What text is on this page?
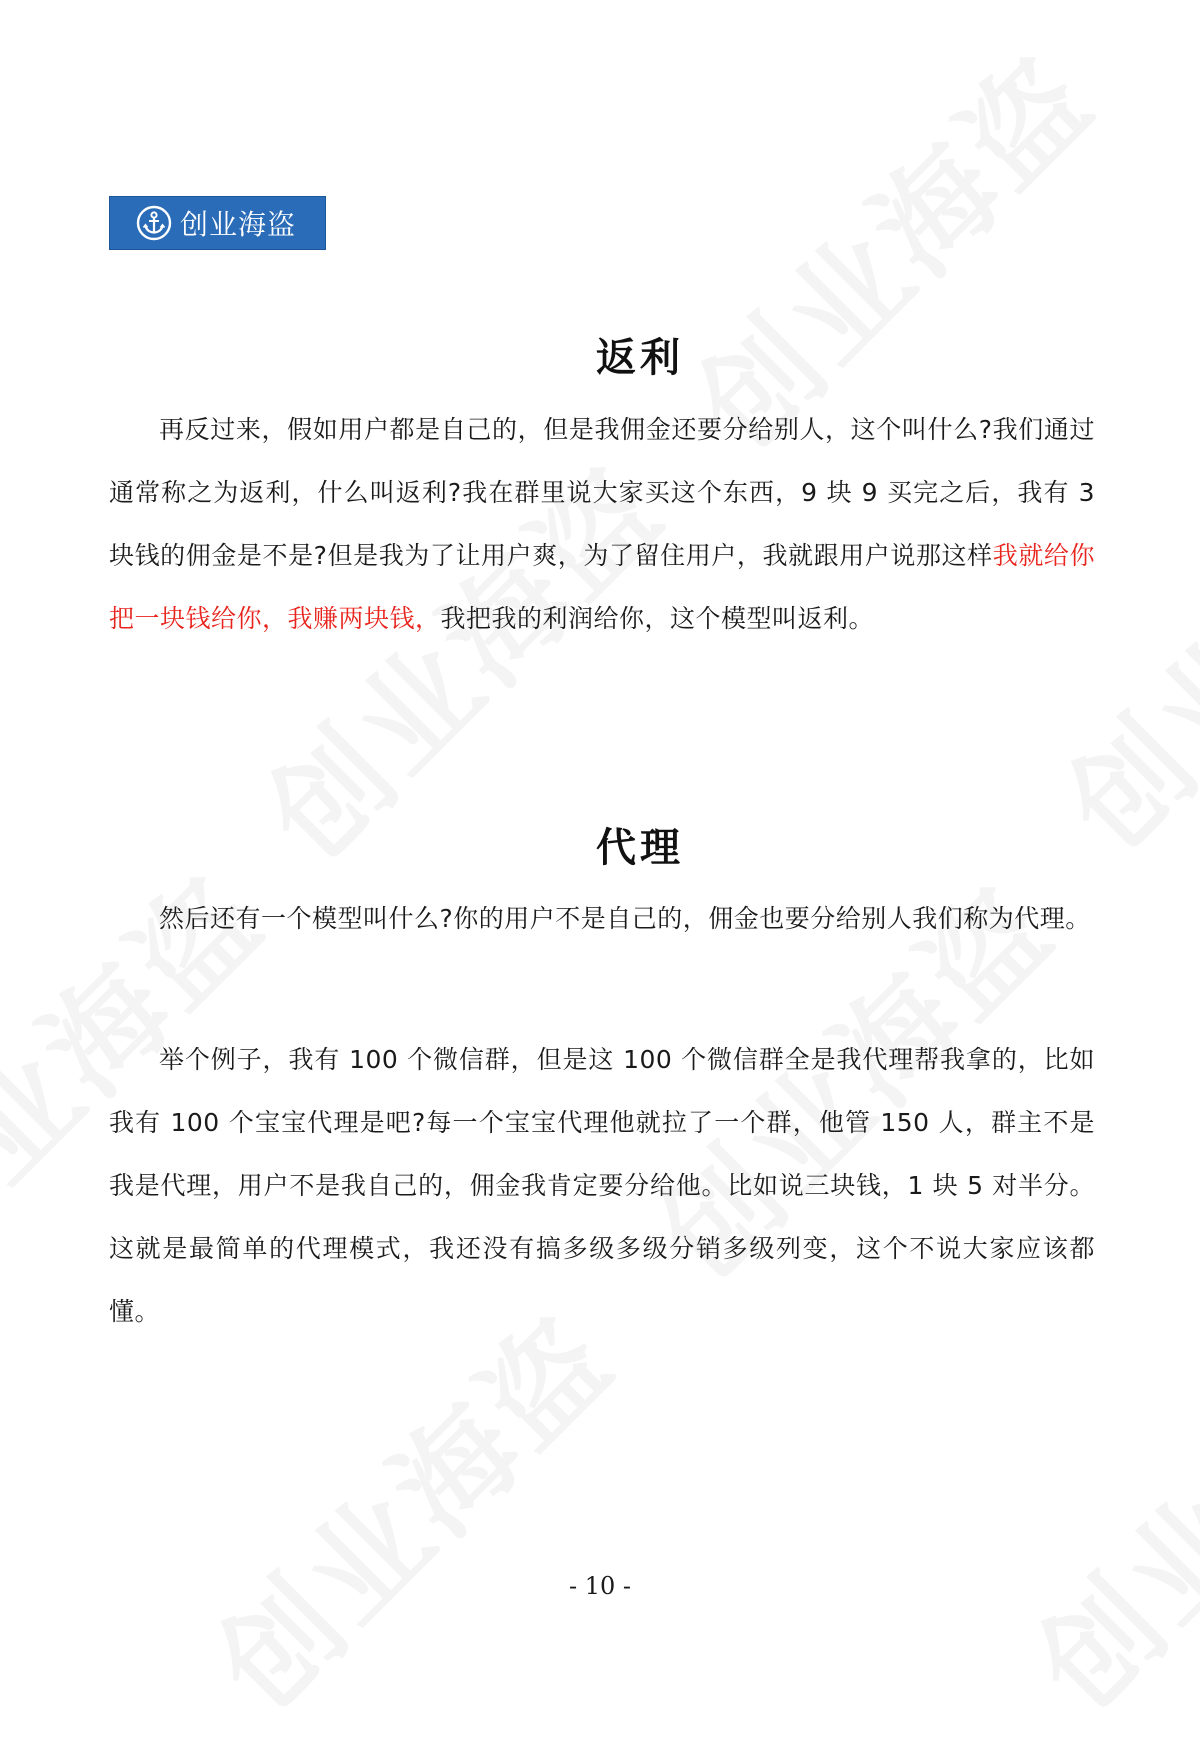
创业海盗
返利

再反过来，假如用户都是自己的，但是我佣金还要分给别人，这个叫什么?我们通过通常称之为返利，什么叫返利?我在群里说大家买这个东西，9 块 9 买完之后，我有 3 块钱的佣金是不是?但是我为了让用户爽，为了留住用户，我就跟用户说那这样我就给你把一块钱给你，我赚两块钱，我把我的利润给你，这个模型叫返利。

代理

然后还有一个模型叫什么?你的用户不是自己的，佣金也要分给别人我们称为代理。

举个例子，我有 100 个微信群，但是这 100 个微信群全是我代理帮我拿的，比如我有 100 个宝宝代理是吧?每一个宝宝代理他就拉了一个群，他管 150 人，群主不是我是代理，用户不是我自己的，佣金我肯定要分给他。比如说三块钱，1 块 5 对半分。这就是最简单的代理模式，我还没有搞多级多级分销多级列变，这个不说大家应该都懂。

- 10 -
